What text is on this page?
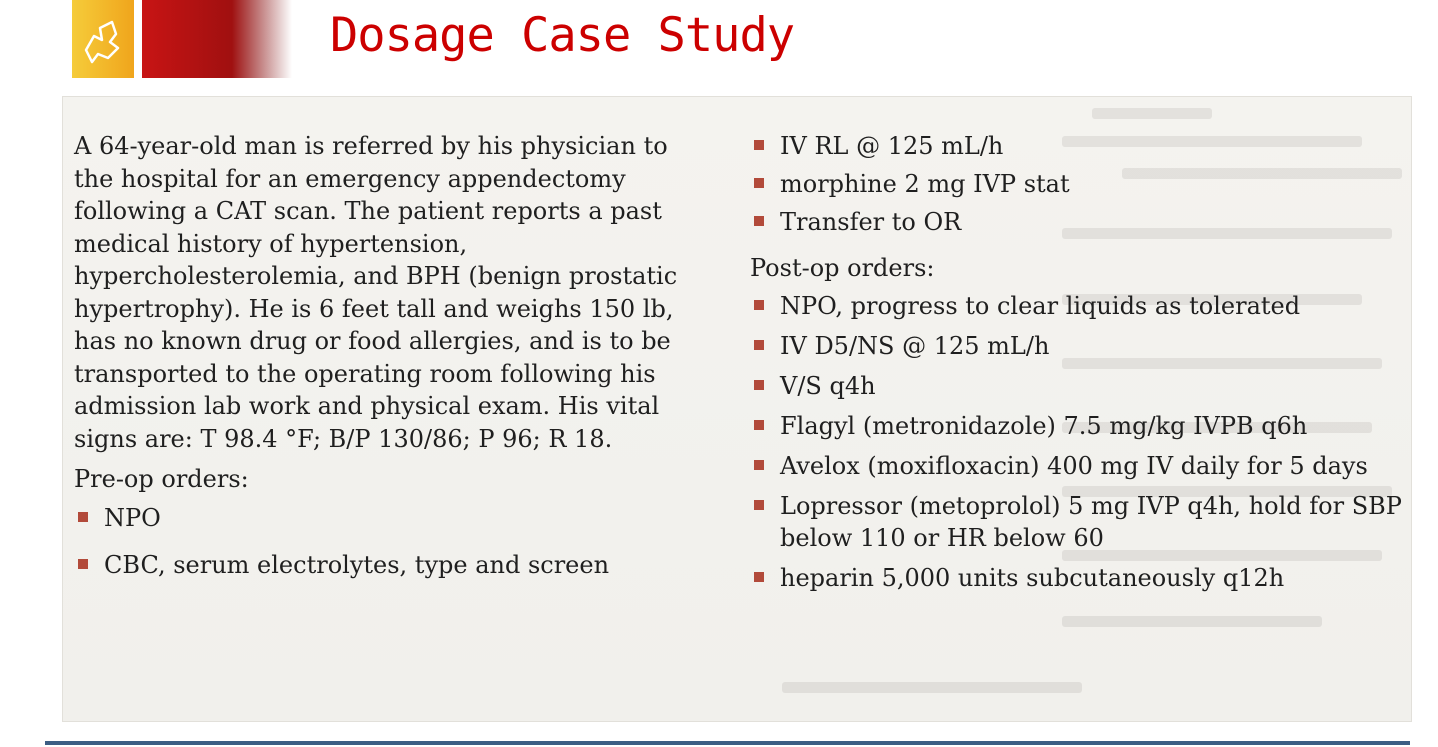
Dosage Case Study

A 64-year-old man is referred by his physician to the hospital for an emergency appendectomy following a CAT scan. The patient reports a past medical history of hypertension, hypercholesterolemia, and BPH (benign prostatic hypertrophy). He is 6 feet tall and weighs 150 lb, has no known drug or food allergies, and is to be transported to the operating room following his admission lab work and physical exam. His vital signs are: T 98.4 °F; B/P 130/86; P 96; R 18.

Pre-op orders:
NPO
CBC, serum electrolytes, type and screen
IV RL @ 125 mL/h
morphine 2 mg IVP stat
Transfer to OR
Post-op orders:
NPO, progress to clear liquids as tolerated
IV D5/NS @ 125 mL/h
V/S q4h
Flagyl (metronidazole) 7.5 mg/kg IVPB q6h
Avelox (moxifloxacin) 400 mg IV daily for 5 days
Lopressor (metoprolol) 5 mg IVP q4h, hold for SBP below 110 or HR below 60
heparin 5,000 units subcutaneously q12h
